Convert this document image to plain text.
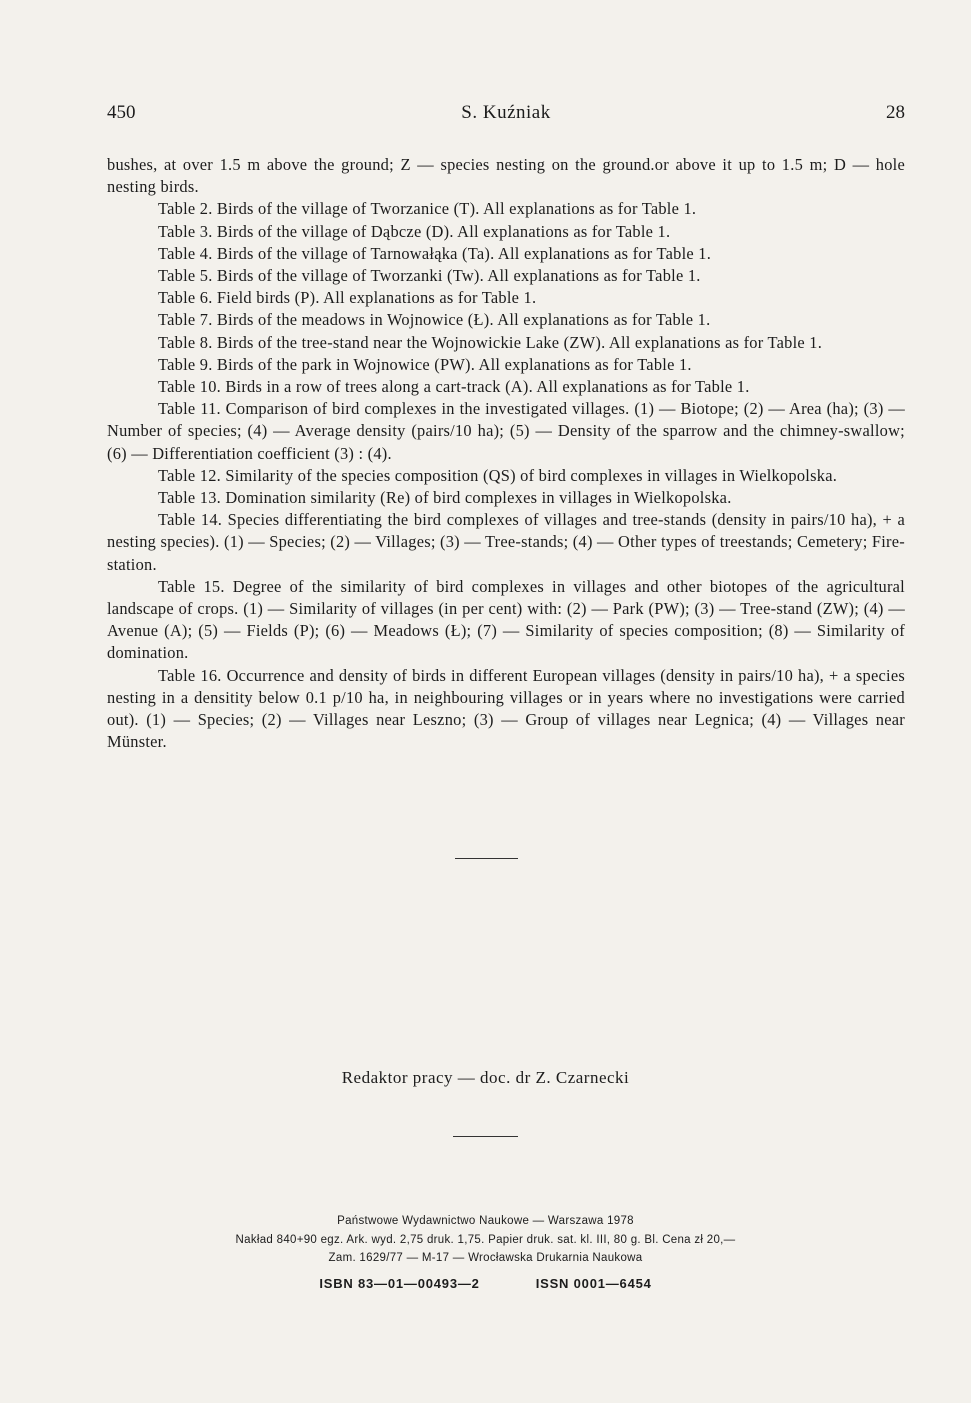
450	S. Kuźniak	28

bushes, at over 1.5 m above the ground; Z — species nesting on the ground.or above it up to 1.5 m; D — hole nesting birds.

Table 2. Birds of the village of Tworzanice (T). All explanations as for Table 1.

Table 3. Birds of the village of Dąbcze (D). All explanations as for Table 1.

Table 4. Birds of the village of Tarnowałąka (Ta). All explanations as for Table 1.

Table 5. Birds of the village of Tworzanki (Tw). All explanations as for Table 1.

Table 6. Field birds (P). All explanations as for Table 1.

Table 7. Birds of the meadows in Wojnowice (Ł). All explanations as for Table 1.

Table 8. Birds of the tree-stand near the Wojnowickie Lake (ZW). All explanations as for Table 1.

Table 9. Birds of the park in Wojnowice (PW). All explanations as for Table 1.

Table 10. Birds in a row of trees along a cart-track (A). All explanations as for Table 1.

Table 11. Comparison of bird complexes in the investigated villages. (1) — Biotope; (2) — Area (ha); (3) — Number of species; (4) — Average density (pairs/10 ha); (5) — Density of the sparrow and the chimney-swallow; (6) — Differentiation coefficient (3) : (4).

Table 12. Similarity of the species composition (QS) of bird complexes in villages in Wielkopolska.

Table 13. Domination similarity (Re) of bird complexes in villages in Wielkopolska.

Table 14. Species differentiating the bird complexes of villages and tree-stands (density in pairs/10 ha), + a nesting species). (1) — Species; (2) — Villages; (3) — Tree-stands; (4) — Other types of treestands; Cemetery; Fire-station.

Table 15. Degree of the similarity of bird complexes in villages and other biotopes of the agricultural landscape of crops. (1) — Similarity of villages (in per cent) with: (2) — Park (PW); (3) — Tree-stand (ZW); (4) — Avenue (A); (5) — Fields (P); (6) — Meadows (Ł); (7) — Similarity of species composition; (8) — Similarity of domination.

Table 16. Occurrence and density of birds in different European villages (density in pairs/10 ha), + a species nesting in a densitity below 0.1 p/10 ha, in neighbouring villages or in years where no investigations were carried out). (1) — Species; (2) — Villages near Leszno; (3) — Group of villages near Legnica; (4) — Villages near Münster.

Redaktor pracy — doc. dr Z. Czarnecki
Państwowe Wydawnictwo Naukowe — Warszawa 1978
Nakład 840+90 egz. Ark. wyd. 2,75 druk. 1,75. Papier druk. sat. kl. III, 80 g. Bl. Cena zł 20,—
Zam. 1629/77 — M-17 — Wrocławska Drukarnia Naukowa
ISBN 83—01—00493—2	ISSN 0001—6454
